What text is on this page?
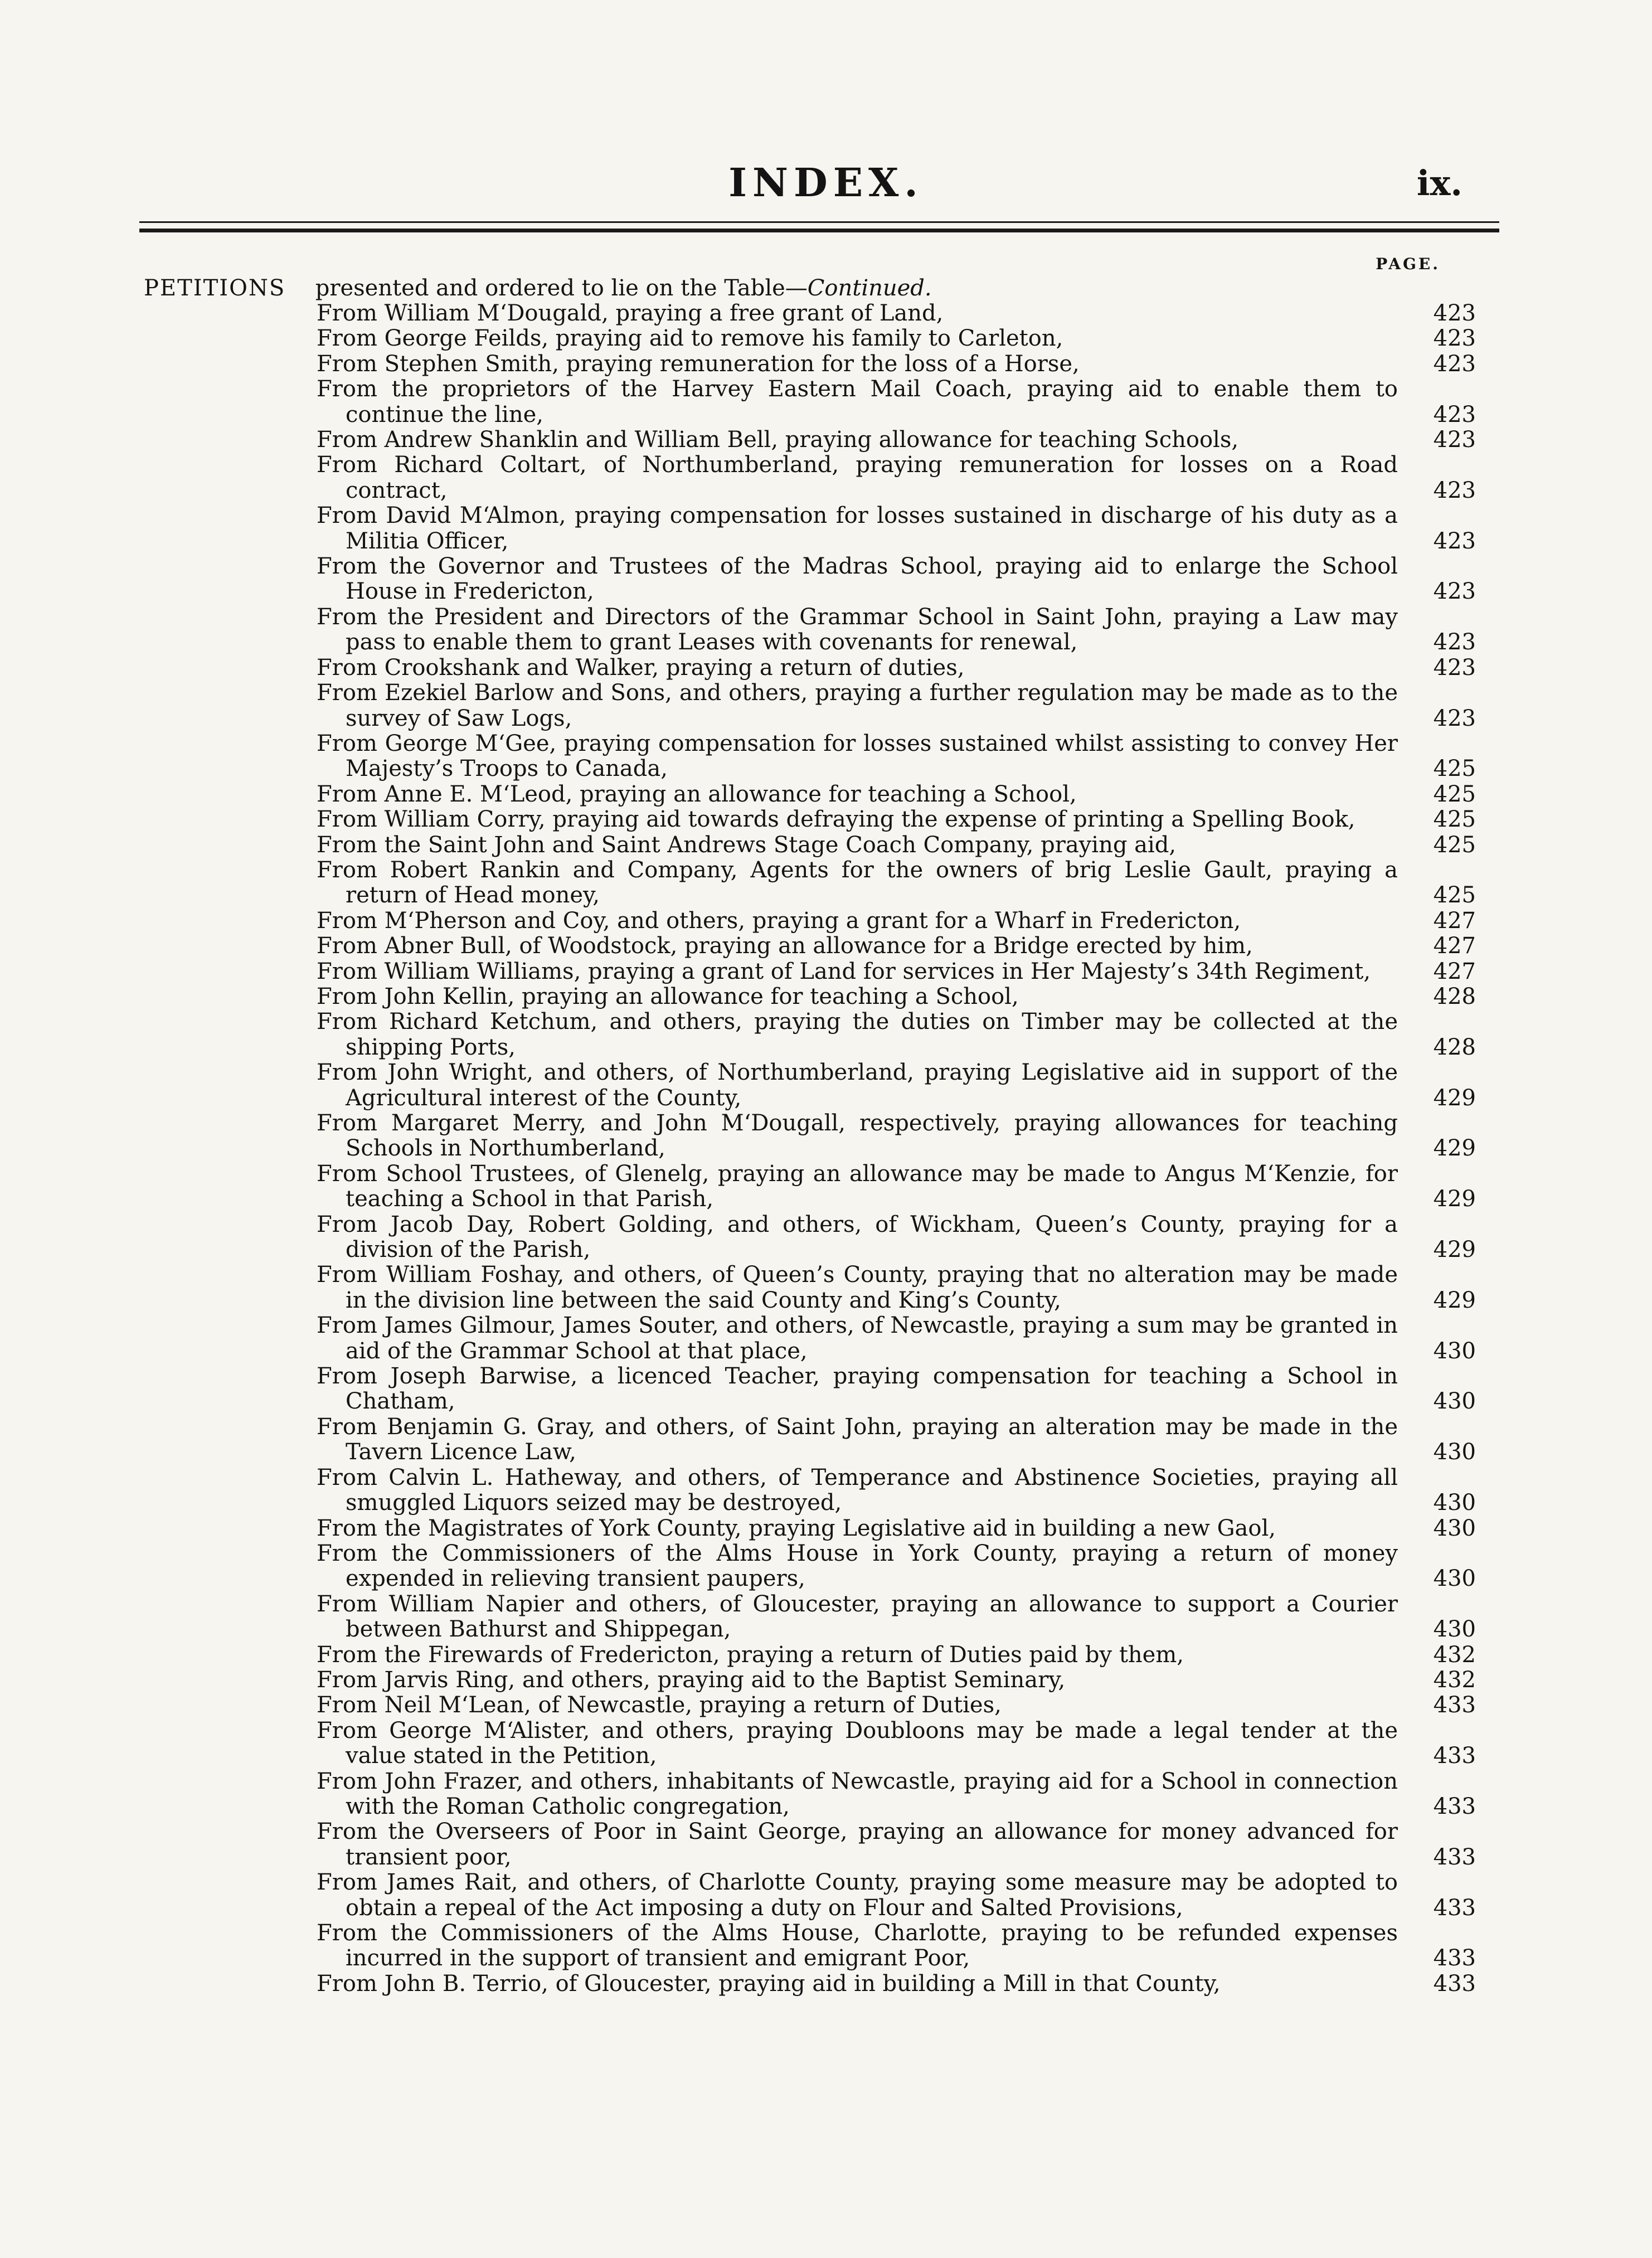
INDEX.	ix.
PAGE.
PETITIONS presented and ordered to lie on the Table—Continued.
From William M‘Dougald, praying a free grant of Land,	423
From George Feilds, praying aid to remove his family to Carleton,	423
From Stephen Smith, praying remuneration for the loss of a Horse,	423
From the proprietors of the Harvey Eastern Mail Coach, praying aid to enable them to continue the line,	423
From Andrew Shanklin and William Bell, praying allowance for teaching Schools,	423
From Richard Coltart, of Northumberland, praying remuneration for losses on a Road contract,	423
From David M‘Almon, praying compensation for losses sustained in discharge of his duty as a Militia Officer,	423
From the Governor and Trustees of the Madras School, praying aid to enlarge the School House in Fredericton,	423
From the President and Directors of the Grammar School in Saint John, praying a Law may pass to enable them to grant Leases with covenants for renewal,	423
From Crookshank and Walker, praying a return of duties,	423
From Ezekiel Barlow and Sons, and others, praying a further regulation may be made as to the survey of Saw Logs,	423
From George M‘Gee, praying compensation for losses sustained whilst assisting to convey Her Majesty’s Troops to Canada,	425
From Anne E. M‘Leod, praying an allowance for teaching a School,	425
From William Corry, praying aid towards defraying the expense of printing a Spelling Book,	425
From the Saint John and Saint Andrews Stage Coach Company, praying aid,	425
From Robert Rankin and Company, Agents for the owners of brig Leslie Gault, praying a return of Head money,	425
From M‘Pherson and Coy, and others, praying a grant for a Wharf in Fredericton,	427
From Abner Bull, of Woodstock, praying an allowance for a Bridge erected by him,	427
From William Williams, praying a grant of Land for services in Her Majesty’s 34th Regiment,	427
From John Kellin, praying an allowance for teaching a School,	428
From Richard Ketchum, and others, praying the duties on Timber may be collected at the shipping Ports,	428
From John Wright, and others, of Northumberland, praying Legislative aid in support of the Agricultural interest of the County,	429
From Margaret Merry, and John M‘Dougall, respectively, praying allowances for teaching Schools in Northumberland,	429
From School Trustees, of Glenelg, praying an allowance may be made to Angus M‘Kenzie, for teaching a School in that Parish,	429
From Jacob Day, Robert Golding, and others, of Wickham, Queen’s County, praying for a division of the Parish,	429
From William Foshay, and others, of Queen’s County, praying that no alteration may be made in the division line between the said County and King’s County,	429
From James Gilmour, James Souter, and others, of Newcastle, praying a sum may be granted in aid of the Grammar School at that place,	430
From Joseph Barwise, a licenced Teacher, praying compensation for teaching a School in Chatham,	430
From Benjamin G. Gray, and others, of Saint John, praying an alteration may be made in the Tavern Licence Law,	430
From Calvin L. Hatheway, and others, of Temperance and Abstinence Societies, praying all smuggled Liquors seized may be destroyed,	430
From the Magistrates of York County, praying Legislative aid in building a new Gaol,	430
From the Commissioners of the Alms House in York County, praying a return of money expended in relieving transient paupers,	430
From William Napier and others, of Gloucester, praying an allowance to support a Courier between Bathurst and Shippegan,	430
From the Firewards of Fredericton, praying a return of Duties paid by them,	432
From Jarvis Ring, and others, praying aid to the Baptist Seminary,	432
From Neil M‘Lean, of Newcastle, praying a return of Duties,	433
From George M‘Alister, and others, praying Doubloons may be made a legal tender at the value stated in the Petition,	433
From John Frazer, and others, inhabitants of Newcastle, praying aid for a School in connection with the Roman Catholic congregation,	433
From the Overseers of Poor in Saint George, praying an allowance for money advanced for transient poor,	433
From James Rait, and others, of Charlotte County, praying some measure may be adopted to obtain a repeal of the Act imposing a duty on Flour and Salted Provisions,	433
From the Commissioners of the Alms House, Charlotte, praying to be refunded expenses incurred in the support of transient and emigrant Poor,	433
From John B. Terrio, of Gloucester, praying aid in building a Mill in that County,	433
